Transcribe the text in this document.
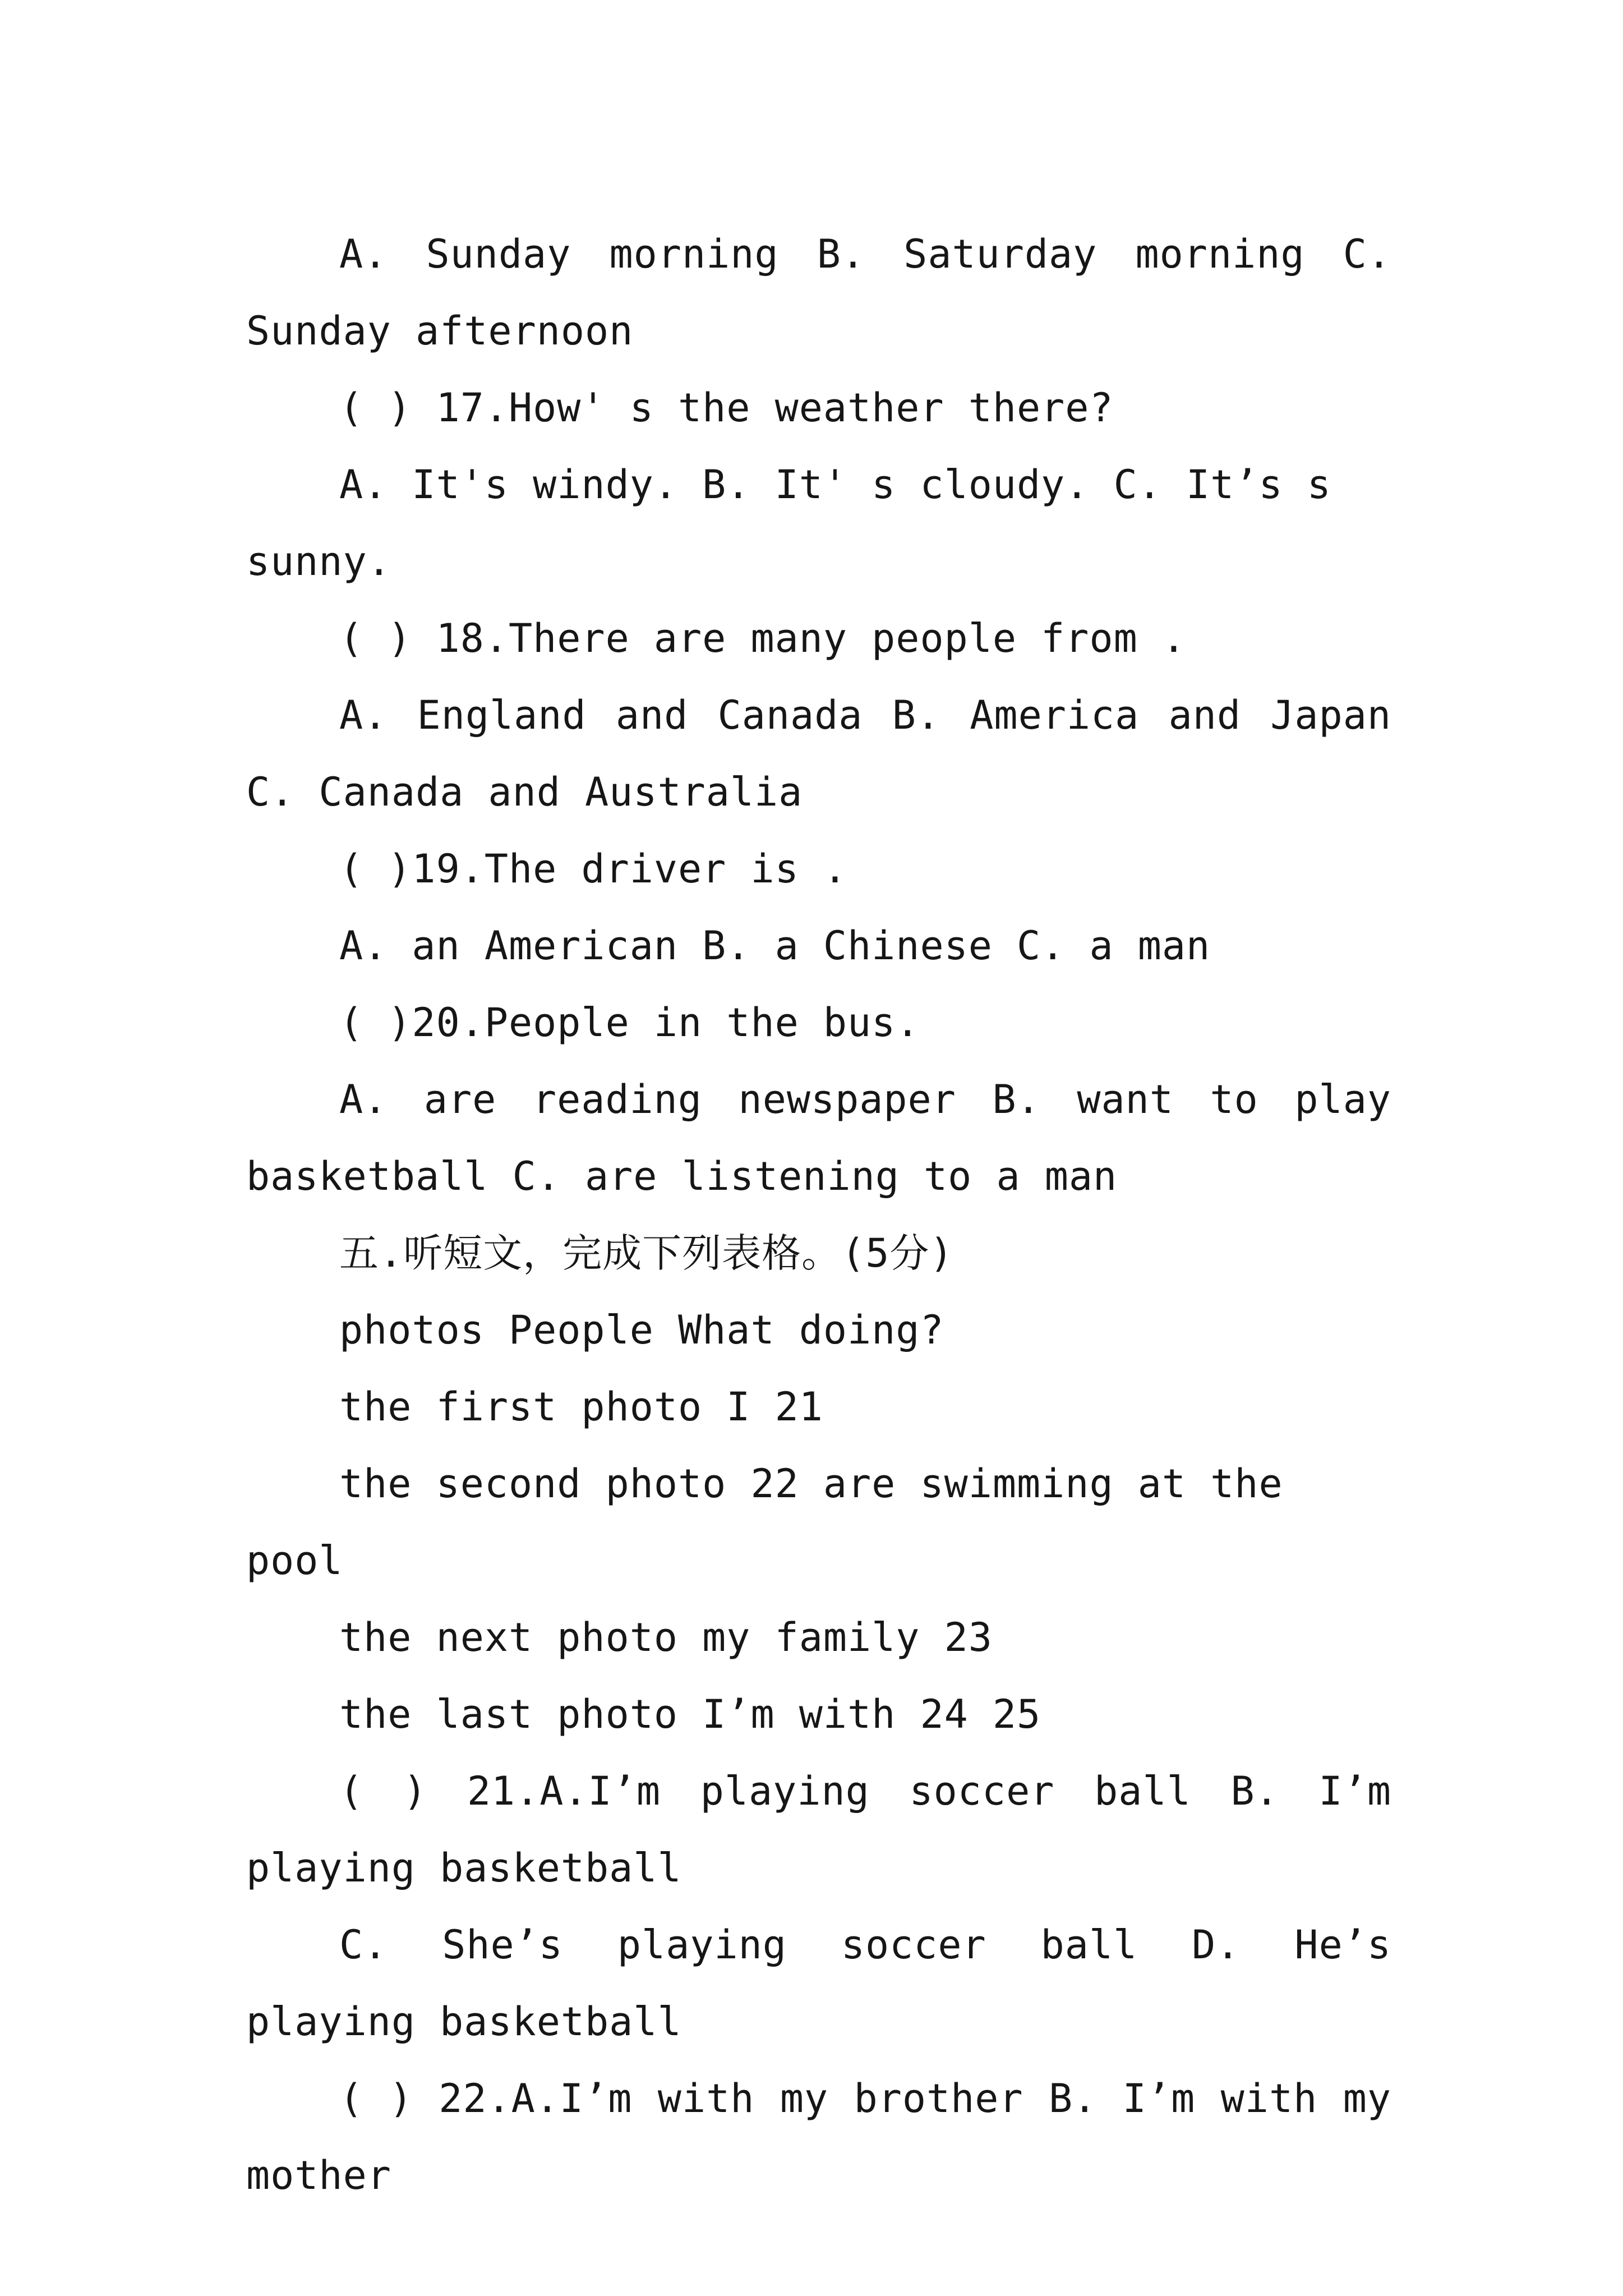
A. Sunday morning B. Saturday morning C. Sunday afternoon

( ) 17.How' s the weather there?

A. It's windy. B. It' s cloudy. C. It’s s sunny.

( ) 18.There are many people from .

A. England and Canada B. America and Japan C. Canada and Australia

( )19.The driver is .

A. an American B. a Chinese C. a man

( )20.People in the bus.

A. are reading newspaper B. want to play basketball C. are listening to a man

五.听短文，完成下列表格。(5分)

photos People What doing?

the first photo I 21

the second photo 22 are swimming at the pool

the next photo my family 23

the last photo I’m with 24 25

( ) 21.A.I’m playing soccer ball B. I’m playing basketball

C. She’s playing soccer ball D. He’s playing basketball

( ) 22.A.I’m with my brother B. I’m with my mother
